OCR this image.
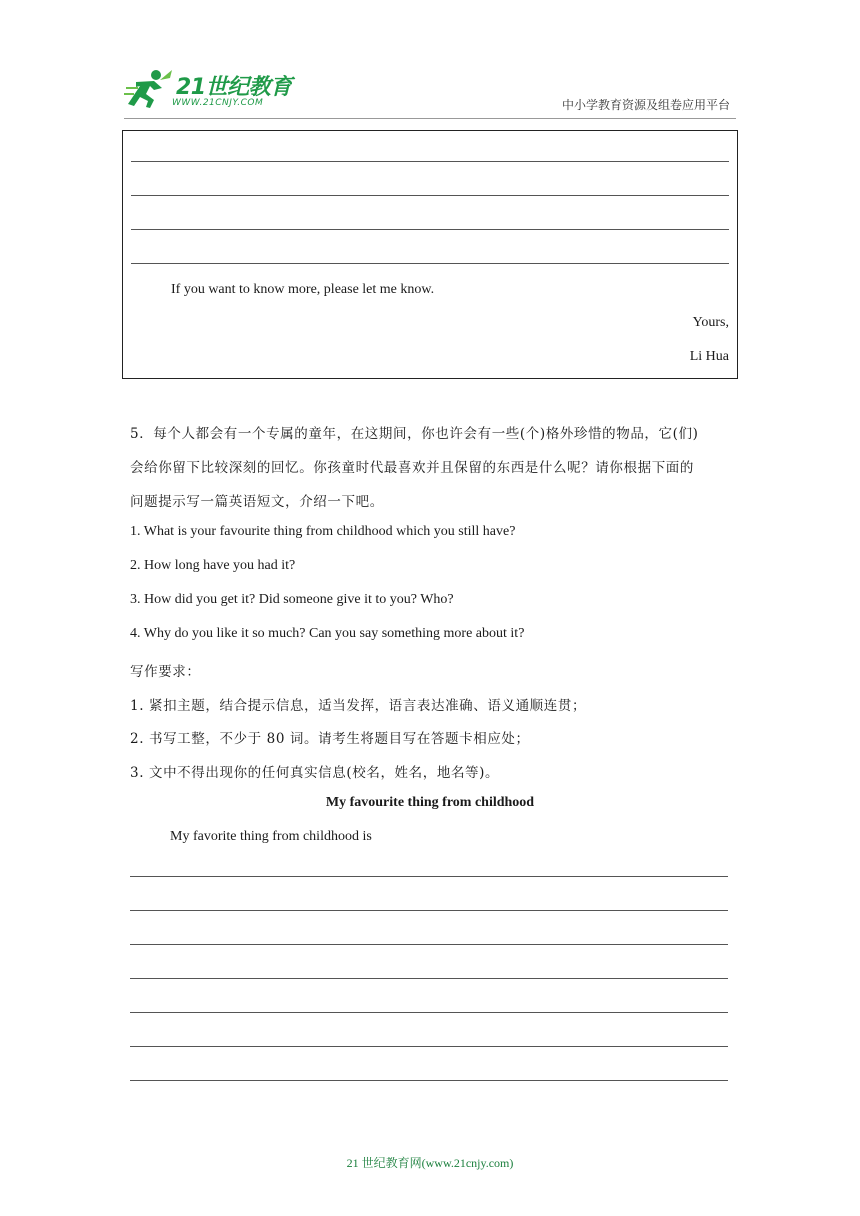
21世纪教育
WWW.21CNJY.COM	中小学教育资源及组卷应用平台
If you want to know more, please let me know.
Yours,
Li Hua
5．每个人都会有一个专属的童年，在这期间，你也许会有一些(个)格外珍惜的物品，它(们)
会给你留下比较深刻的回忆。你孩童时代最喜欢并且保留的东西是什么呢？请你根据下面的
问题提示写一篇英语短文，介绍一下吧。
1. What is your favourite thing from childhood which you still have?
2. How long have you had it?
3. How did you get it? Did someone give it to you? Who?
4. Why do you like it so much? Can you say something more about it?
写作要求：
1. 紧扣主题，结合提示信息，适当发挥，语言表达准确、语义通顺连贯；
2. 书写工整，不少于 80 词。请考生将题目写在答题卡相应处；
3. 文中不得出现你的任何真实信息(校名，姓名，地名等)。
My favourite thing from childhood
My favorite thing from childhood is
21 世纪教育网(www.21cnjy.com)
